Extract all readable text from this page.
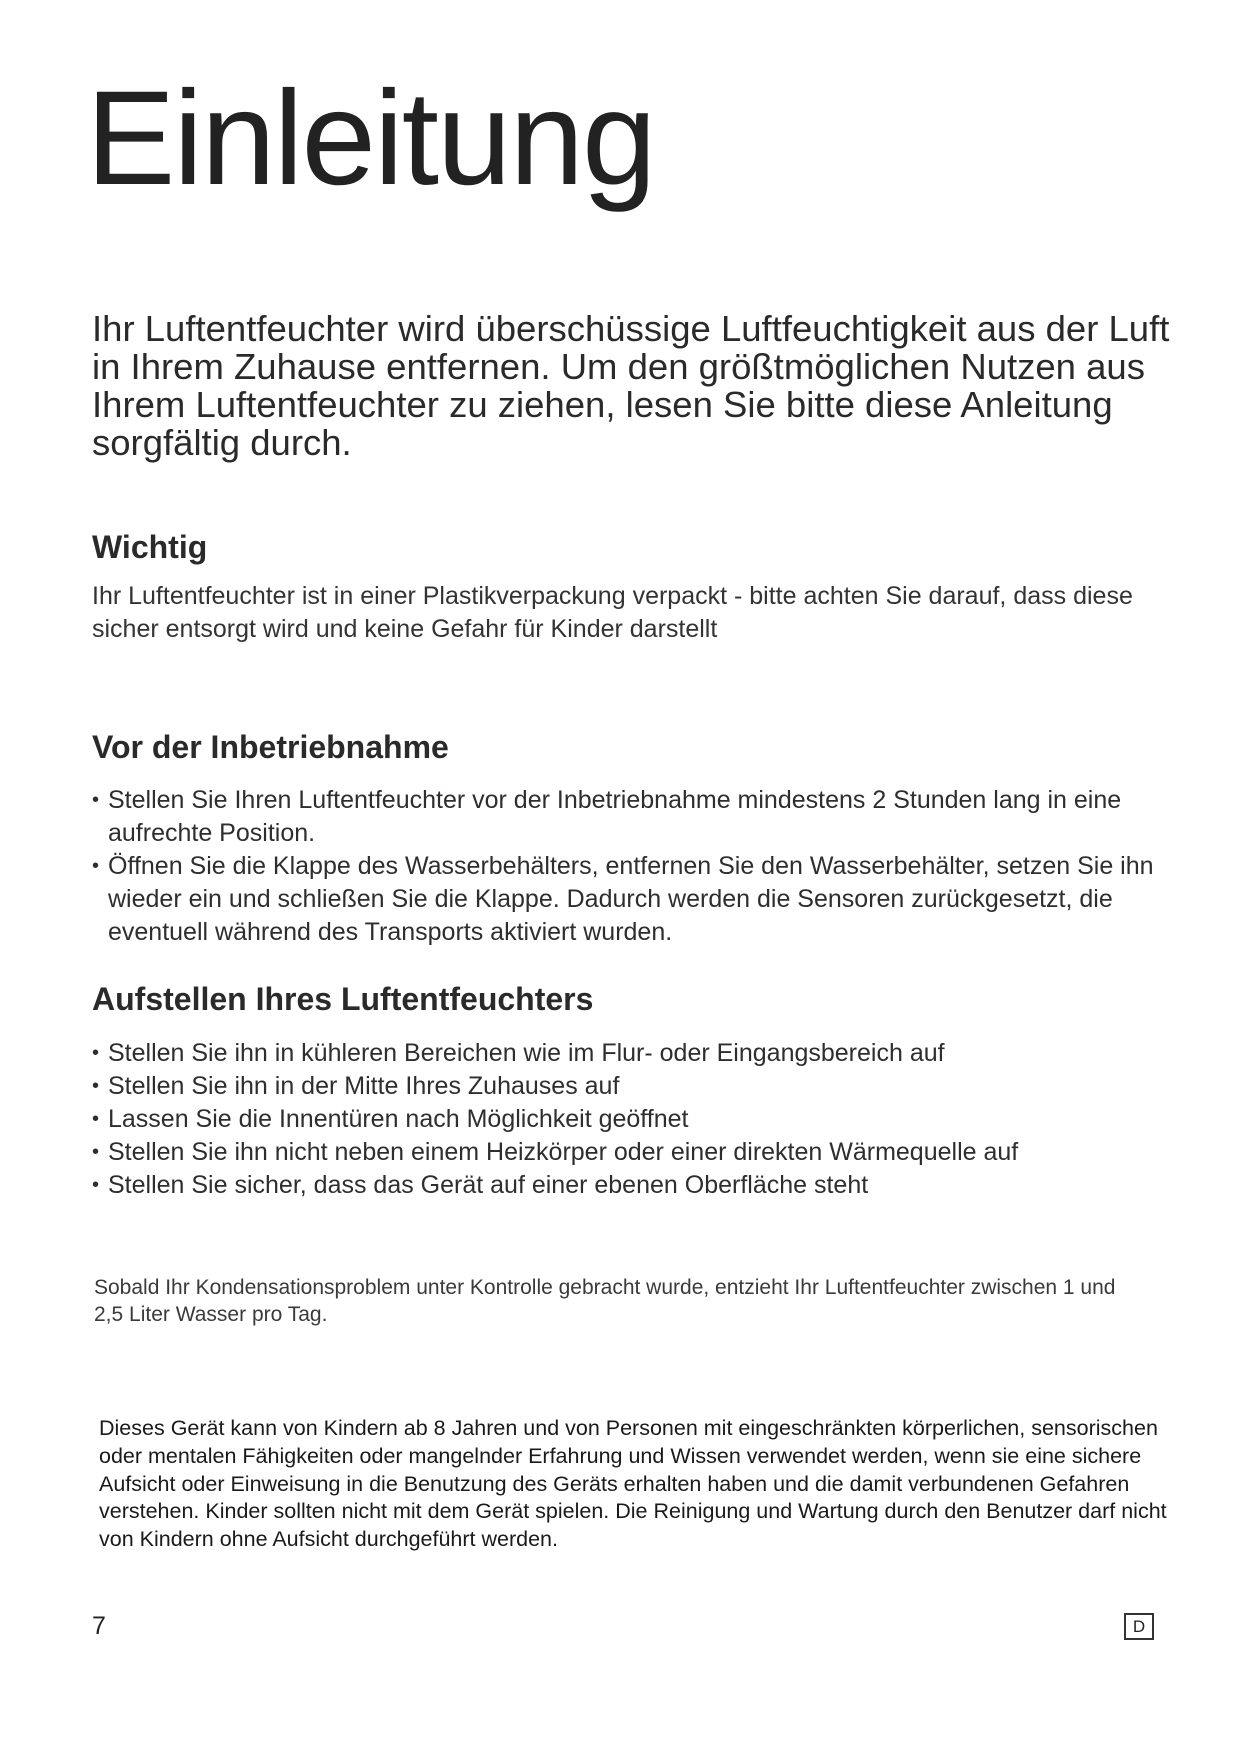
Einleitung

Ihr Luftentfeuchter wird überschüssige Luftfeuchtigkeit aus der Luft in Ihrem Zuhause entfernen. Um den größtmöglichen Nutzen aus Ihrem Luftentfeuchter zu ziehen, lesen Sie bitte diese Anleitung sorgfältig durch.

Wichtig

Ihr Luftentfeuchter ist in einer Plastikverpackung verpackt - bitte achten Sie darauf, dass diese sicher entsorgt wird und keine Gefahr für Kinder darstellt

Vor der Inbetriebnahme
• Stellen Sie Ihren Luftentfeuchter vor der Inbetriebnahme mindestens 2 Stunden lang in eine aufrechte Position.
• Öffnen Sie die Klappe des Wasserbehälters, entfernen Sie den Wasserbehälter, setzen Sie ihn wieder ein und schließen Sie die Klappe. Dadurch werden die Sensoren zurückgesetzt, die eventuell während des Transports aktiviert wurden.
Aufstellen Ihres Luftentfeuchters
• Stellen Sie ihn in kühleren Bereichen wie im Flur- oder Eingangsbereich auf
• Stellen Sie ihn in der Mitte Ihres Zuhauses auf
• Lassen Sie die Innentüren nach Möglichkeit geöffnet
• Stellen Sie ihn nicht neben einem Heizkörper oder einer direkten Wärmequelle auf
• Stellen Sie sicher, dass das Gerät auf einer ebenen Oberfläche steht

Sobald Ihr Kondensationsproblem unter Kontrolle gebracht wurde, entzieht Ihr Luftentfeuchter zwischen 1 und 2,5 Liter Wasser pro Tag.

Dieses Gerät kann von Kindern ab 8 Jahren und von Personen mit eingeschränkten körperlichen, sensorischen oder mentalen Fähigkeiten oder mangelnder Erfahrung und Wissen verwendet werden, wenn sie eine sichere Aufsicht oder Einweisung in die Benutzung des Geräts erhalten haben und die damit verbundenen Gefahren verstehen. Kinder sollten nicht mit dem Gerät spielen. Die Reinigung und Wartung durch den Benutzer darf nicht von Kindern ohne Aufsicht durchgeführt werden.

7	D
